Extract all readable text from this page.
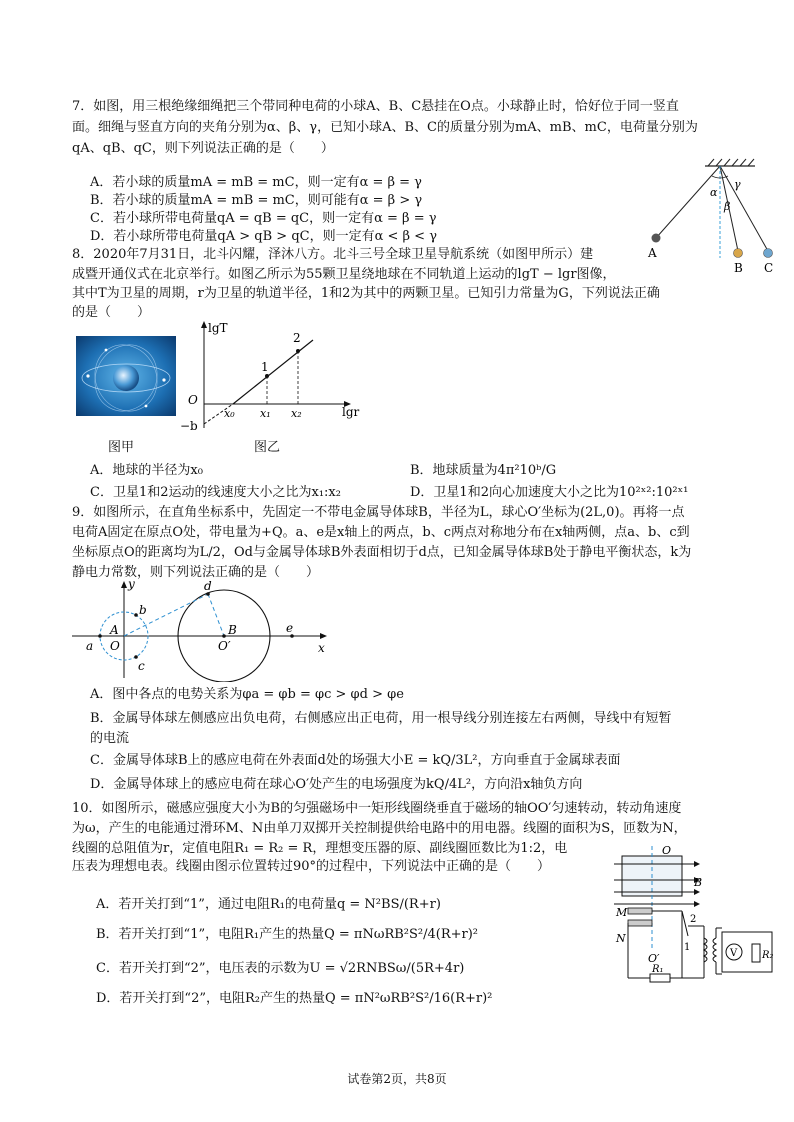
7．如图，用三根绝缘细绳把三个带同种电荷的小球A、B、C悬挂在O点。小球静止时，恰好位于同一竖直
面。细绳与竖直方向的夹角分别为α、β、γ，已知小球A、B、C的质量分别为mA、mB、mC，电荷量分别为
qA、qB、qC，则下列说法正确的是（　　）
A．若小球的质量mA = mB = mC，则一定有α = β = γ
B．若小球的质量mA = mB = mC，则可能有α = β > γ
C．若小球所带电荷量qA = qB = qC，则一定有α = β = γ
D．若小球所带电荷量qA > qB > qC，则一定有α < β < γ
α
β
γ
A
B C
8．2020年7月31日，北斗闪耀，泽沐八方。北斗三号全球卫星导航系统（如图甲所示）建
成暨开通仪式在北京举行。如图乙所示为55颗卫星绕地球在不同轨道上运动的lgT − lgr图像，
其中T为卫星的周期，r为卫星的轨道半径，1和2为其中的两颗卫星。已知引力常量为G，下列说法正确
的是（　　）
图甲
lgT
lgr
O
x₀ x₁ x₂
−b
1
2
图乙
A．地球的半径为x₀	B．地球质量为4π²10ᵇ/G
C．卫星1和2运动的线速度大小之比为x₁:x₂	D．卫星1和2向心加速度大小之比为10²ˣ²:10²ˣ¹
9．如图所示，在直角坐标系中，先固定一不带电金属导体球B，半径为L，球心O′坐标为(2L,0)。再将一点
电荷A固定在原点O处，带电量为+Q。a、e是x轴上的两点，b、c两点对称地分布在x轴两侧，点a、b、c到
坐标原点O的距离均为L/2，Od与金属导体球B外表面相切于d点，已知金属导体球B处于静电平衡状态，k为
静电力常数，则下列说法正确的是（　　）
y
x
O
A
a
b
c
d
B
O′
e
A．图中各点的电势关系为φa = φb = φc > φd > φe
B．金属导体球左侧感应出负电荷，右侧感应出正电荷，用一根导线分别连接左右两侧，导线中有短暂
的电流
C．金属导体球B上的感应电荷在外表面d处的场强大小E = kQ/3L²，方向垂直于金属球表面
D．金属导体球上的感应电荷在球心O′处产生的电场强度为kQ/4L²，方向沿x轴负方向
10．如图所示，磁感应强度大小为B的匀强磁场中一矩形线圈绕垂直于磁场的轴OO′匀速转动，转动角速度
为ω，产生的电能通过滑环M、N由单刀双掷开关控制提供给电路中的用电器。线圈的面积为S，匝数为N，
线圈的总阻值为r，定值电阻R₁ = R₂ = R，理想变压器的原、副线圈匝数比为1:2，电
压表为理想电表。线圈由图示位置转过90°的过程中，下列说法中正确的是（　　）
A．若开关打到“1”，通过电阻R₁的电荷量q = N²BS/(R+r)
B．若开关打到“1”，电阻R₁产生的热量Q = πNωRB²S²/4(R+r)²
C．若开关打到“2”，电压表的示数为U = √2RNBSω/(5R+4r)
D．若开关打到“2”，电阻R₂产生的热量Q = πN²ωRB²S²/16(R+r)²
O
O′
B
M
N
1
2
V
R₁
R₂
试卷第2页，共8页
